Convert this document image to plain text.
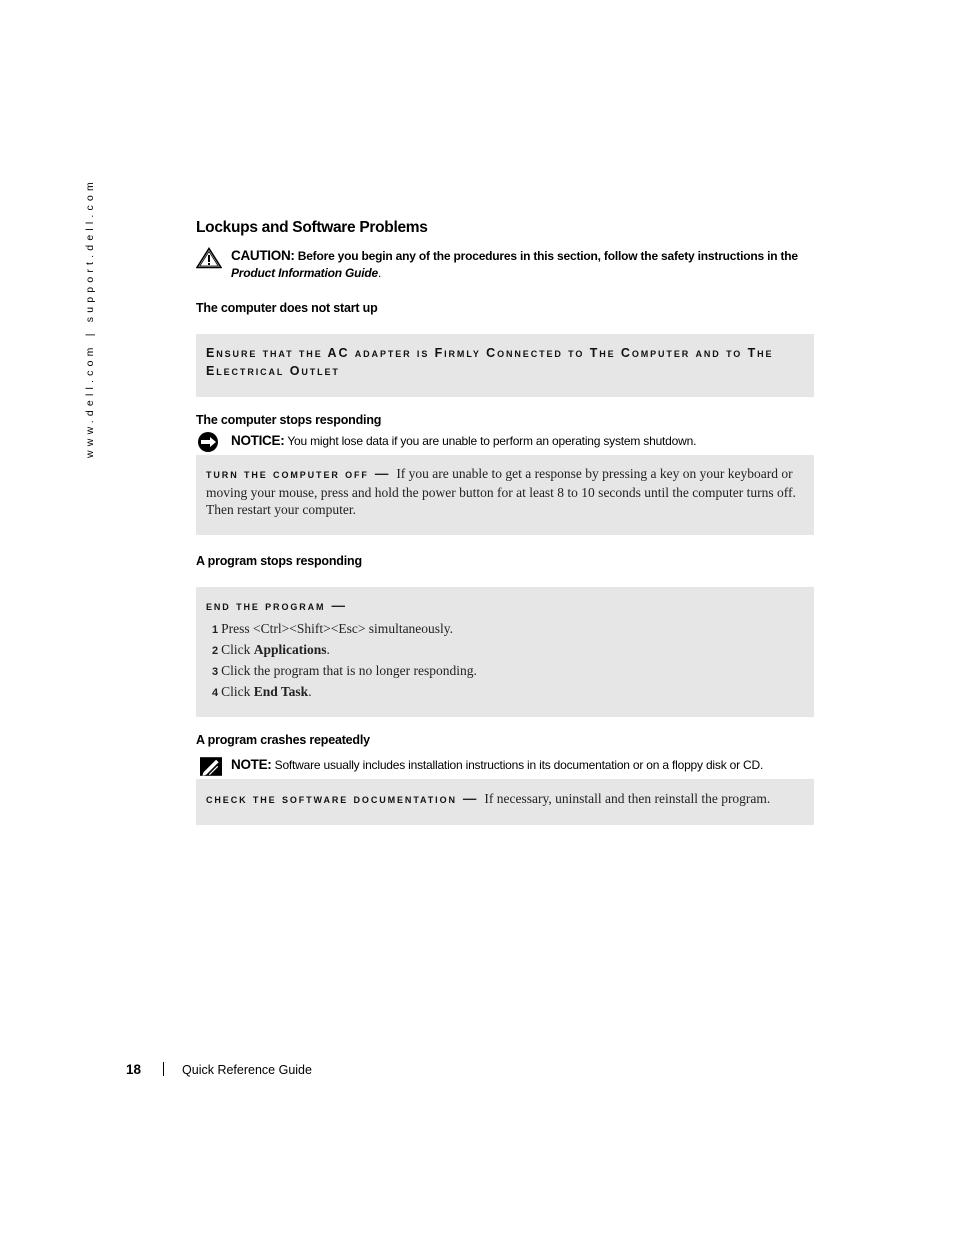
www.dell.com | support.dell.com	Lockups and Software Problems
CAUTION: Before you begin any of the procedures in this section, follow the safety instructions in the Product Information Guide.
The computer does not start up
Ensure that the AC adapter is Firmly Connected to The Computer and to The
Electrical Outlet
The computer stops responding
NOTICE: You might lose data if you are unable to perform an operating system shutdown.
turn the computer off — If you are unable to get a response by pressing a key on your keyboard or moving your mouse, press and hold the power button for at least 8 to 10 seconds until the computer turns off. Then restart your computer.
A program stops responding
end the program —
1 Press <Ctrl><Shift><Esc> simultaneously.
2 Click Applications.
3 Click the program that is no longer responding.
4 Click End Task.
A program crashes repeatedly
NOTE: Software usually includes installation instructions in its documentation or on a floppy disk or CD.
check the software documentation — If necessary, uninstall and then reinstall the program.
18	Quick Reference Guide
